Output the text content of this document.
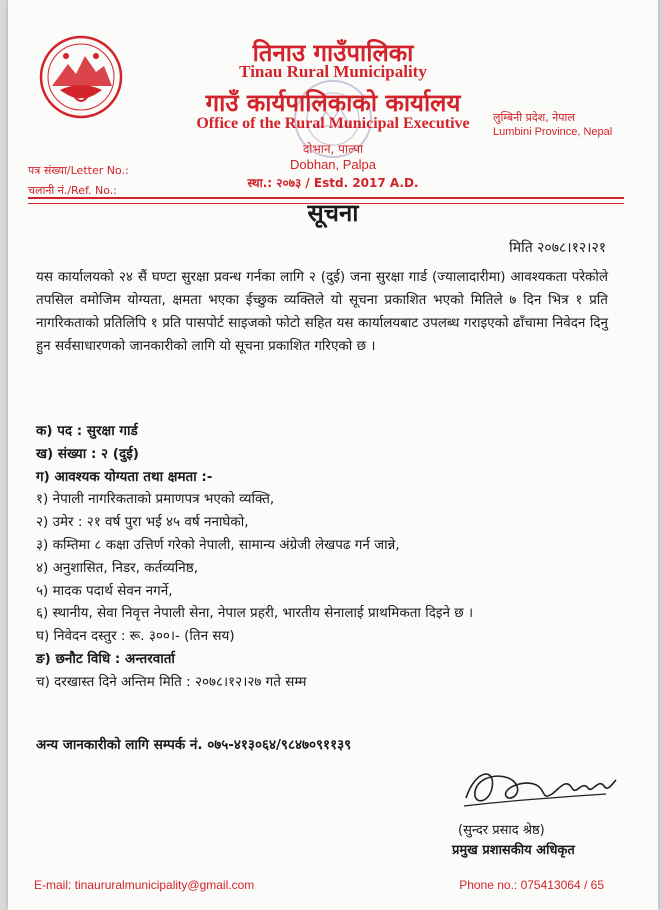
तिनाउ गाउँपालिका
Tinau Rural Municipality
गाउँ कार्यपालिकाको कार्यालय
Office of the Rural Municipal Executive
दोभान, पाल्पा
Dobhan, Palpa
स्था.: २०७३ / Estd. 2017 A.D.
लुम्बिनी प्रदेश, नेपाल
Lumbini Province, Nepal
पत्र संख्या/Letter No.:
चलानी नं./Ref. No.:
सूचना
मिति २०७८।१२।२१
यस कार्यालयको २४ सैं घण्टा सुरक्षा प्रवन्ध गर्नका लागि २ (दुई) जना सुरक्षा गार्ड (ज्यालादारीमा) आवश्यकता परेकोले तपसिल वमोजिम योग्यता, क्षमता भएका ईच्छुक व्यक्तिले यो सूचना प्रकाशित भएको मितिले ७ दिन भित्र १ प्रति नागरिकताको प्रतिलिपि १ प्रति पासपोर्ट साइजको फोटो सहित यस कार्यालयबाट उपलब्ध गराइएको ढाँचामा निवेदन दिनु हुन सर्वसाधारणको जानकारीको लागि यो सूचना प्रकाशित गरिएको छ ।
क) पद : सुरक्षा गार्ड
ख) संख्या : २ (दुई)
ग) आवश्यक योग्यता तथा क्षमता :-
१) नेपाली नागरिकताको प्रमाणपत्र भएको व्यक्ति,
२) उमेर : २१ वर्ष पुरा भई ४५ वर्ष ननाघेको,
३) कम्तिमा ८ कक्षा उत्तिर्ण गरेको नेपाली, सामान्य अंग्रेजी लेखपढ गर्न जान्ने,
४) अनुशासित, निडर, कर्तव्यनिष्ठ,
५) मादक पदार्थ सेवन नगर्ने,
६) स्थानीय, सेवा निवृत्त नेपाली सेना, नेपाल प्रहरी, भारतीय सेनालाई प्राथमिकता दिइने छ ।
घ) निवेदन दस्तुर : रू. ३००।- (तिन सय)
ङ) छनौट विधि : अन्तरवार्ता
च) दरखास्त दिने अन्तिम मिति : २०७८।१२।२७ गते सम्म
अन्य जानकारीको लागि सम्पर्क नं. ०७५-४१३०६४/९८४७०९११३९
(सुन्दर प्रसाद श्रेष्ठ)
प्रमुख प्रशासकीय अधिकृत
E-mail: tinaururalmunicipality@gmail.com	Phone no.: 075413064 / 65
